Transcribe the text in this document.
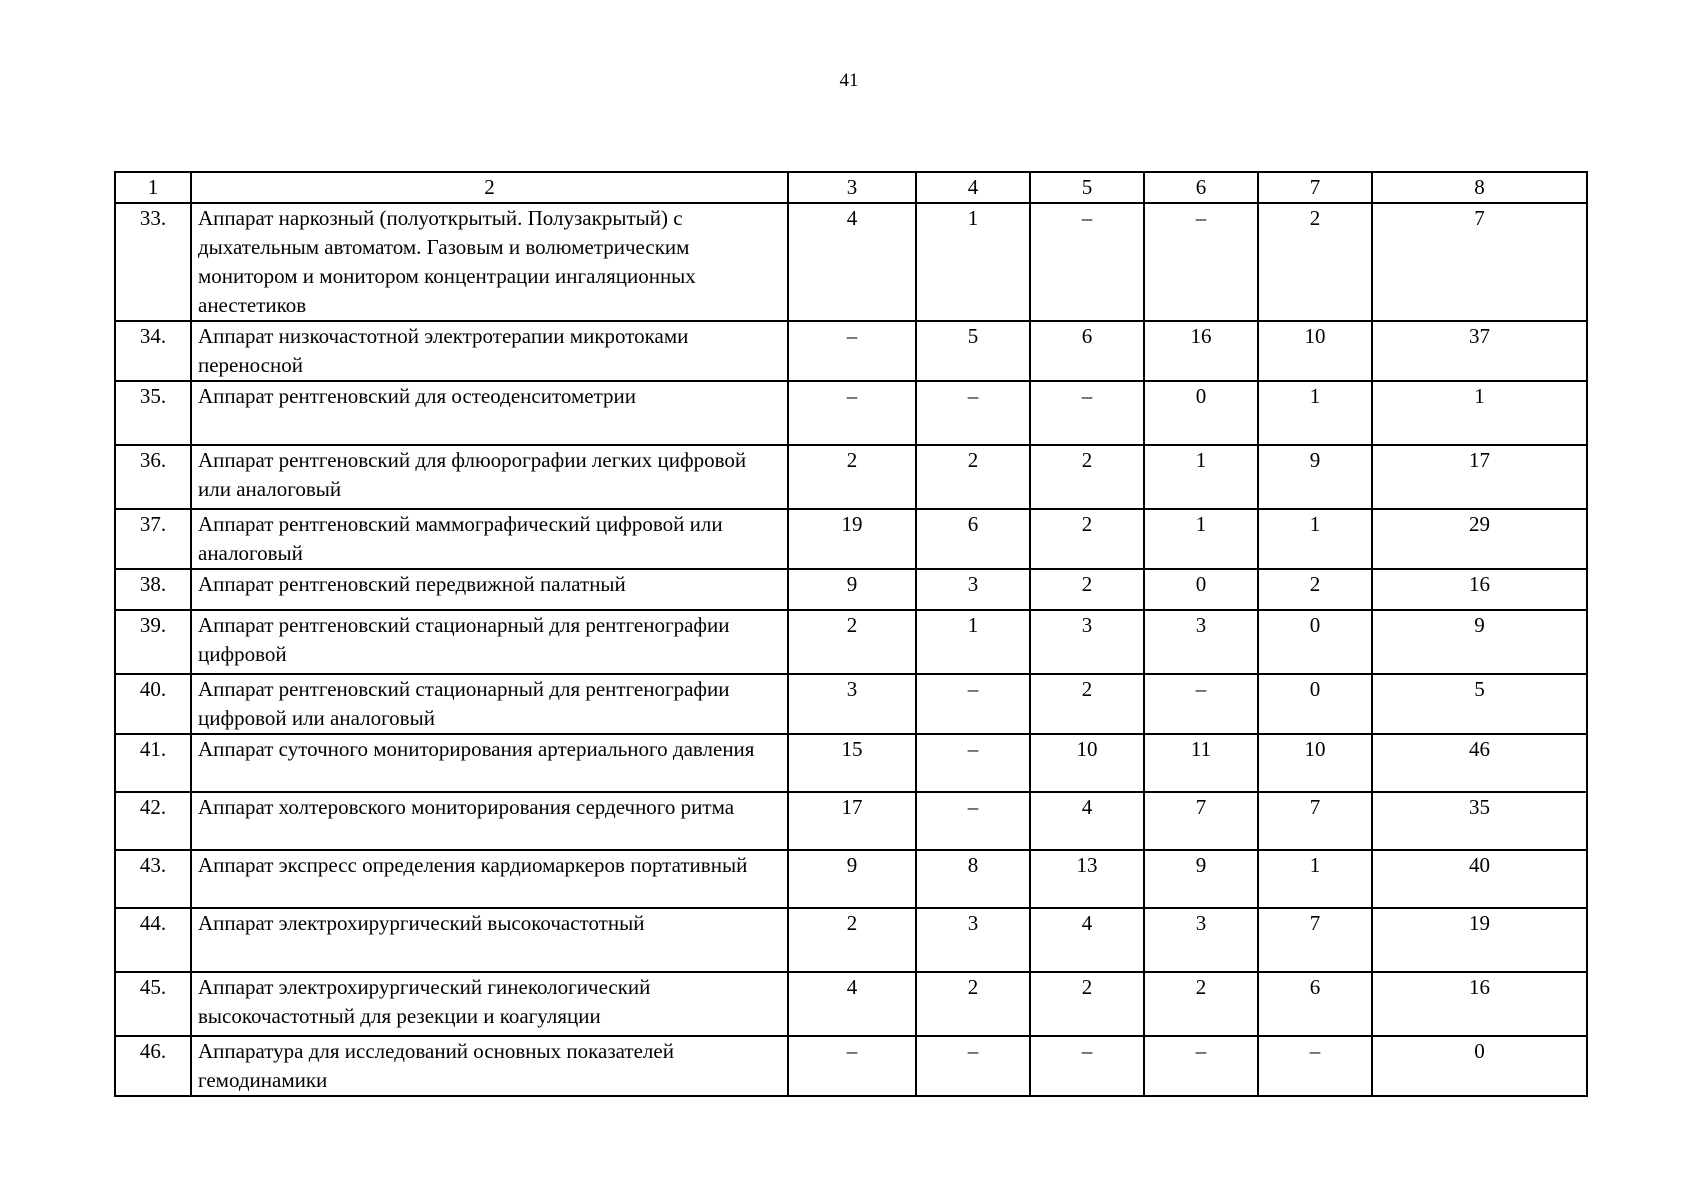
41
1	2	3	4	5	6	7	8
33.	Аппарат наркозный (полуоткрытый. Полузакрытый) с дыхательным автоматом. Газовым и волюметрическим монитором и монитором концентрации ингаляционных анестетиков	4	1	–	–	2	7
34.	Аппарат низкочастотной электротерапии микротоками переносной	–	5	6	16	10	37
35.	Аппарат рентгеновский для остеоденситометрии	–	–	–	0	1	1
36.	Аппарат рентгеновский для флюорографии легких цифровой или аналоговый	2	2	2	1	9	17
37.	Аппарат рентгеновский маммографический цифровой или аналоговый	19	6	2	1	1	29
38.	Аппарат рентгеновский передвижной палатный	9	3	2	0	2	16
39.	Аппарат рентгеновский стационарный для рентгенографии цифровой	2	1	3	3	0	9
40.	Аппарат рентгеновский стационарный для рентгенографии цифровой или аналоговый	3	–	2	–	0	5
41.	Аппарат суточного мониторирования артериального давления	15	–	10	11	10	46
42.	Аппарат холтеровского мониторирования сердечного ритма	17	–	4	7	7	35
43.	Аппарат экспресс определения кардиомаркеров портативный	9	8	13	9	1	40
44.	Аппарат электрохирургический высокочастотный	2	3	4	3	7	19
45.	Аппарат электрохирургический гинекологический высокочастотный для резекции и коагуляции	4	2	2	2	6	16
46.	Аппаратура для исследований основных показателей гемодинамики	–	–	–	–	–	0
